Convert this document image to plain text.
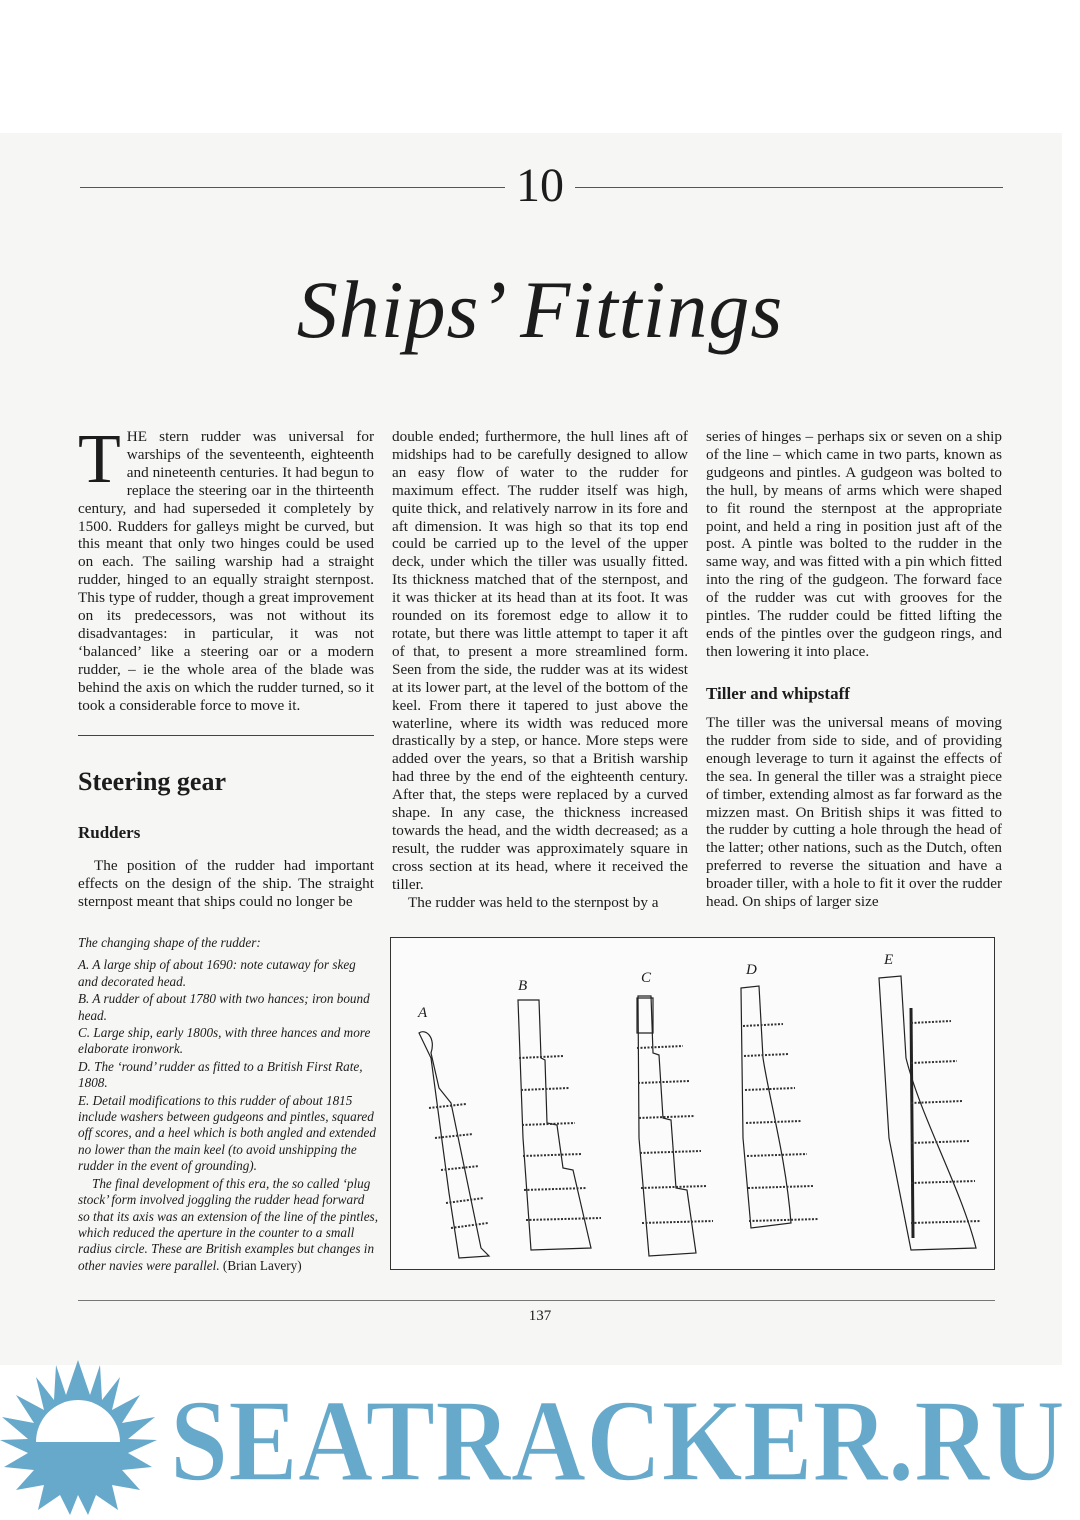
10
Ships’ Fittings
T HE stern rudder was universal for warships of the seventeenth, eighteenth and nineteenth centuries. It had begun to replace the steering oar in the thirteenth century, and had superseded it completely by 1500. Rudders for galleys might be curved, but this meant that only two hinges could be used on each. The sailing warship had a straight rudder, hinged to an equally straight sternpost. This type of rudder, though a great improvement on its predecessors, was not without its disadvantages: in particular, it was not ‘balanced’ like a steering oar or a modern rudder, – ie the whole area of the blade was behind the axis on which the rudder turned, so it took a considerable force to move it.

Steering gear
Rudders

The position of the rudder had important effects on the design of the ship. The straight sternpost meant that ships could no longer be

double ended; furthermore, the hull lines aft of midships had to be carefully designed to allow an easy flow of water to the rudder for maximum effect. The rudder itself was high, quite thick, and relatively narrow in its fore and aft dimension. It was high so that its top end could be carried up to the level of the upper deck, under which the tiller was usually fitted. Its thickness matched that of the sternpost, and it was thicker at its head than at its foot. It was rounded on its foremost edge to allow it to rotate, but there was little attempt to taper it aft of that, to present a more streamlined form. Seen from the side, the rudder was at its widest at its lower part, at the level of the bottom of the keel. From there it tapered to just above the waterline, where its width was reduced more drastically by a step, or hance. More steps were added over the years, so that a British warship had three by the end of the eighteenth century. After that, the steps were replaced by a curved shape. In any case, the thickness increased towards the head, and the width decreased; as a result, the rudder was approximately square in cross section at its head, where it received the tiller.

The rudder was held to the sternpost by a

series of hinges – perhaps six or seven on a ship of the line – which came in two parts, known as gudgeons and pintles. A gudgeon was bolted to the hull, by means of arms which were shaped to fit round the sternpost at the appropriate point, and held a ring in position just aft of the post. A pintle was bolted to the rudder in the same way, and was fitted with a pin which fitted into the ring of the gudgeon. The forward face of the rudder was cut with grooves for the pintles. The rudder could be fitted lifting the ends of the pintles over the gudgeon rings, and then lowering it into place.

Tiller and whipstaff

The tiller was the universal means of moving the rudder from side to side, and of providing enough leverage to turn it against the effects of the sea. In general the tiller was a straight piece of timber, extending almost as far forward as the mizzen mast. On British ships it was fitted to the rudder by cutting a hole through the head of the latter; other nations, such as the Dutch, often preferred to reverse the situation and have a broader tiller, with a hole to fit it over the rudder head. On ships of larger size

The changing shape of the rudder:

A. A large ship of about 1690: note cutaway for skeg and decorated head.

B. A rudder of about 1780 with two hances; iron bound head.

C. Large ship, early 1800s, with three hances and more elaborate ironwork.

D. The ‘round’ rudder as fitted to a British First Rate, 1808.

E. Detail modifications to this rudder of about 1815 include washers between gudgeons and pintles, squared off scores, and a heel which is both angled and extended no lower than the main keel (to avoid unshipping the rudder in the event of grounding).

The final development of this era, the so called ‘plug stock’ form involved joggling the rudder head forward so that its axis was an extension of the line of the pintles, which reduced the aperture in the counter to a small radius circle. These are British examples but changes in other navies were parallel. (Brian Lavery)

A
B	C	D
E
137
SEATRACKER.RU
